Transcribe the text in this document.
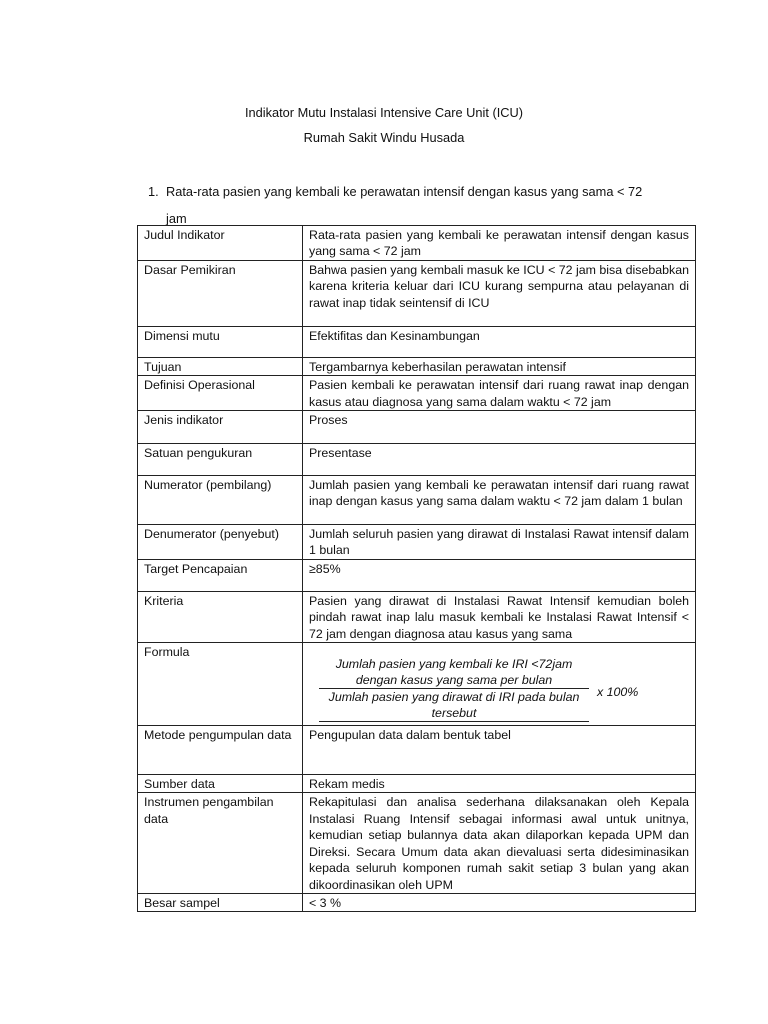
Indikator Mutu Instalasi Intensive Care Unit (ICU)
Rumah Sakit Windu Husada
1. Rata-rata pasien yang kembali ke perawatan intensif dengan kasus yang sama < 72
jam
Judul Indikator	Rata-rata pasien yang kembali ke perawatan intensif dengan kasus yang sama < 72 jam
Dasar Pemikiran	Bahwa pasien yang kembali masuk ke ICU < 72 jam bisa disebabkan karena kriteria keluar dari ICU kurang sempurna atau pelayanan di rawat inap tidak seintensif di ICU
Dimensi mutu	Efektifitas dan Kesinambungan
Tujuan	Tergambarnya keberhasilan perawatan intensif
Definisi Operasional	Pasien kembali ke perawatan intensif dari ruang rawat inap dengan kasus atau diagnosa yang sama dalam waktu < 72 jam
Jenis indikator	Proses
Satuan pengukuran	Presentase
Numerator (pembilang)	Jumlah pasien yang kembali ke perawatan intensif dari ruang rawat inap dengan kasus yang sama dalam waktu < 72 jam dalam 1 bulan
Denumerator (penyebut)	Jumlah seluruh pasien yang dirawat di Instalasi Rawat intensif dalam 1 bulan
Target Pencapaian	≥85%
Kriteria	Pasien yang dirawat di Instalasi Rawat Intensif kemudian boleh pindah rawat inap lalu masuk kembali ke Instalasi Rawat Intensif < 72 jam dengan diagnosa atau kasus yang sama
Formula	Jumlah pasien yang kembali ke IRI <72jam dengan kasus yang sama per bulan
Jumlah pasien yang dirawat di IRI pada bulan tersebut
x 100%

Metode pengumpulan data	Pengupulan data dalam bentuk tabel
Sumber data	Rekam medis
Instrumen pengambilan data	Rekapitulasi dan analisa sederhana dilaksanakan oleh Kepala Instalasi Ruang Intensif sebagai informasi awal untuk unitnya, kemudian setiap bulannya data akan dilaporkan kepada UPM dan Direksi. Secara Umum data akan dievaluasi serta didesiminasikan kepada seluruh komponen rumah sakit setiap 3 bulan yang akan dikoordinasikan oleh UPM
Besar sampel	< 3 %
